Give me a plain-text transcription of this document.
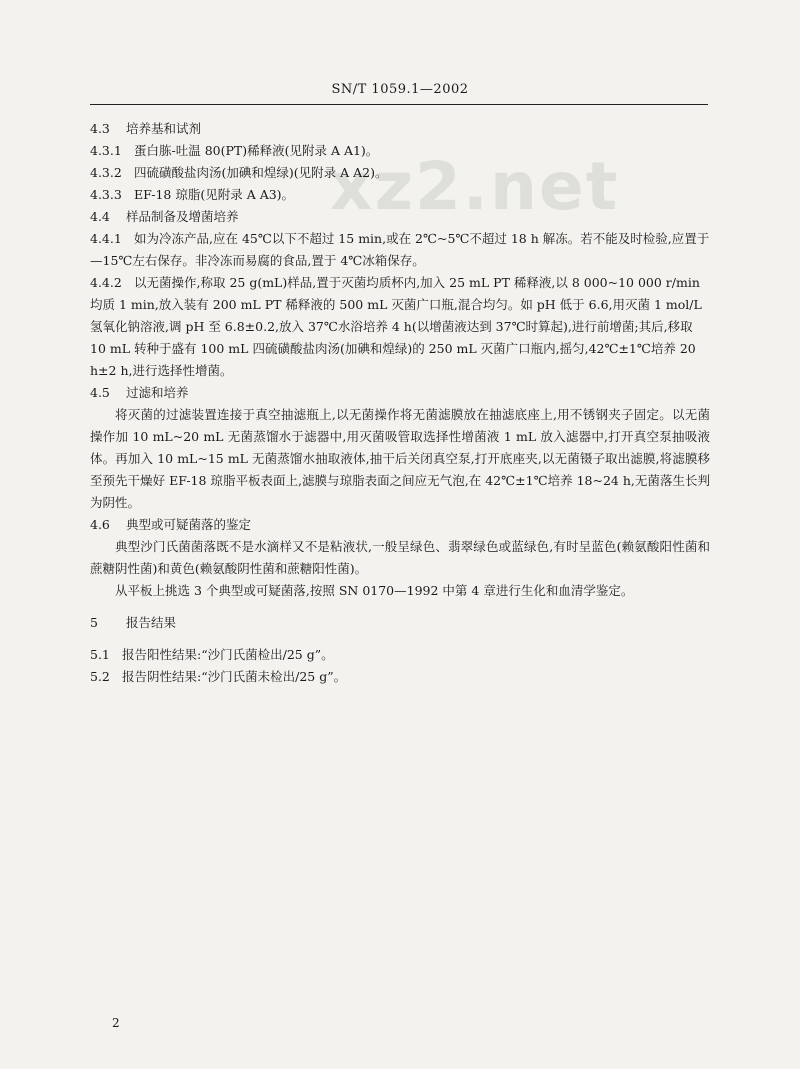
SN/T 1059.1—2002
xz2.net

4.3 培养基和试剂

4.3.1 蛋白胨-吐温 80(PT)稀释液(见附录 A A1)。

4.3.2 四硫磺酸盐肉汤(加碘和煌绿)(见附录 A A2)。

4.3.3 EF-18 琼脂(见附录 A A3)。

4.4 样品制备及增菌培养

4.4.1 如为冷冻产品,应在 45℃以下不超过 15 min,或在 2℃~5℃不超过 18 h 解冻。若不能及时检验,应置于—15℃左右保存。非冷冻而易腐的食品,置于 4℃冰箱保存。

4.4.2 以无菌操作,称取 25 g(mL)样品,置于灭菌均质杯内,加入 25 mL PT 稀释液,以 8 000~10 000 r/min均质 1 min,放入装有 200 mL PT 稀释液的 500 mL 灭菌广口瓶,混合均匀。如 pH 低于 6.6,用灭菌 1 mol/L 氢氧化钠溶液,调 pH 至 6.8±0.2,放入 37℃水浴培养 4 h(以增菌液达到 37℃时算起),进行前增菌;其后,移取 10 mL 转种于盛有 100 mL 四硫磺酸盐肉汤(加碘和煌绿)的 250 mL 灭菌广口瓶内,摇匀,42℃±1℃培养 20 h±2 h,进行选择性增菌。

4.5 过滤和培养

将灭菌的过滤装置连接于真空抽滤瓶上,以无菌操作将无菌滤膜放在抽滤底座上,用不锈钢夹子固定。以无菌操作加 10 mL~20 mL 无菌蒸馏水于滤器中,用灭菌吸管取选择性增菌液 1 mL 放入滤器中,打开真空泵抽吸液体。再加入 10 mL~15 mL 无菌蒸馏水抽取液体,抽干后关闭真空泵,打开底座夹,以无菌镊子取出滤膜,将滤膜移至预先干燥好 EF-18 琼脂平板表面上,滤膜与琼脂表面之间应无气泡,在 42℃±1℃培养 18~24 h,无菌落生长判为阴性。

4.6 典型或可疑菌落的鉴定

典型沙门氏菌菌落既不是水滴样又不是粘液状,一般呈绿色、翡翠绿色或蓝绿色,有时呈蓝色(赖氨酸阳性菌和蔗糖阴性菌)和黄色(赖氨酸阴性菌和蔗糖阳性菌)。

从平板上挑选 3 个典型或可疑菌落,按照 SN 0170—1992 中第 4 章进行生化和血清学鉴定。

5 报告结果

5.1 报告阳性结果:“沙门氏菌检出/25 g”。

5.2 报告阴性结果:“沙门氏菌未检出/25 g”。

2
